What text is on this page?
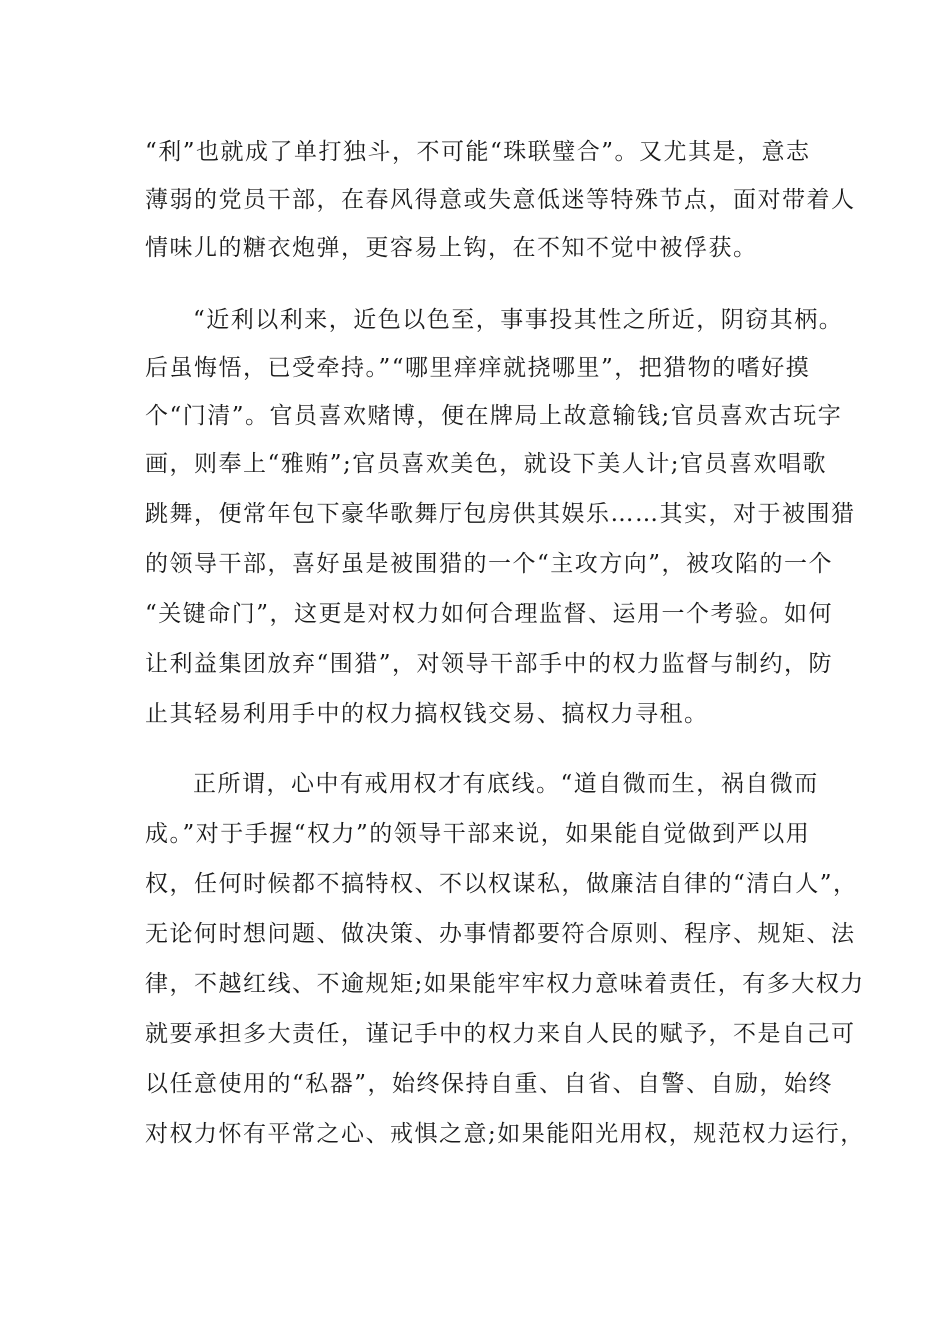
“利”也就成了单打独斗，不可能“珠联璧合”。又尤其是，意志
薄弱的党员干部，在春风得意或失意低迷等特殊节点，面对带着人
情味儿的糖衣炮弹，更容易上钩，在不知不觉中被俘获。
“近利以利来，近色以色至，事事投其性之所近，阴窃其柄。
后虽悔悟，已受牵持。”“哪里痒痒就挠哪里”，把猎物的嗜好摸
个“门清”。官员喜欢赌博，便在牌局上故意输钱;官员喜欢古玩字
画，则奉上“雅贿”;官员喜欢美色，就设下美人计;官员喜欢唱歌
跳舞，便常年包下豪华歌舞厅包房供其娱乐……其实，对于被围猎
的领导干部，喜好虽是被围猎的一个“主攻方向”，被攻陷的一个
“关键命门”，这更是对权力如何合理监督、运用一个考验。如何
让利益集团放弃“围猎”，对领导干部手中的权力监督与制约，防
止其轻易利用手中的权力搞权钱交易、搞权力寻租。
正所谓，心中有戒用权才有底线。“道自微而生，祸自微而
成。”对于手握“权力”的领导干部来说，如果能自觉做到严以用
权，任何时候都不搞特权、不以权谋私，做廉洁自律的“清白人”，
无论何时想问题、做决策、办事情都要符合原则、程序、规矩、法
律，不越红线、不逾规矩;如果能牢牢权力意味着责任，有多大权力
就要承担多大责任，谨记手中的权力来自人民的赋予，不是自己可
以任意使用的“私器”，始终保持自重、自省、自警、自励，始终
对权力怀有平常之心、戒惧之意;如果能阳光用权，规范权力运行，
